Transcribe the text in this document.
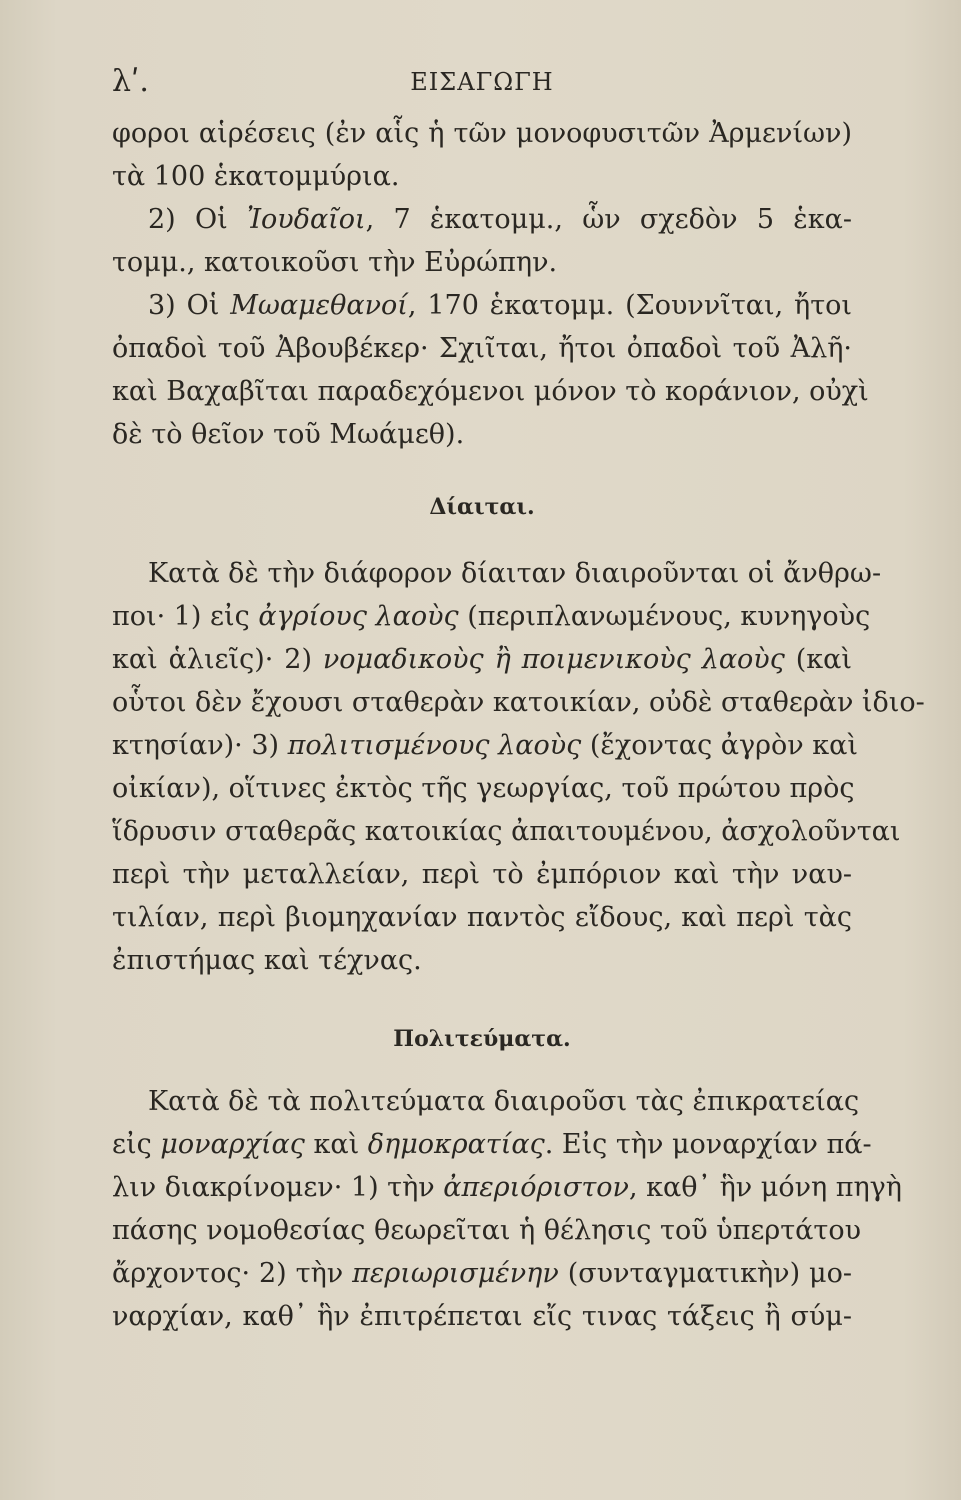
λʹ.	ΕΙΣΑΓΩΓΗ
φοροι αἱρέσεις (ἐν αἷς ἡ τῶν μονοφυσιτῶν Ἀρμενίων)
τὰ 100 ἑκατομμύρια.
2) Οἱ Ἰουδαῖοι, 7 ἑκατομμ., ὧν σχεδὸν 5 ἑκα-
τομμ., κατοικοῦσι τὴν Εὐρώπην.
3) Οἱ Μωαμεθανοί, 170 ἑκατομμ. (Σουννῖται, ἤτοι
ὀπαδοὶ τοῦ Ἀβουβέκερ· Σχιῖται, ἤτοι ὀπαδοὶ τοῦ Ἀλῆ·
καὶ Βαχαβῖται παραδεχόμενοι μόνον τὸ κοράνιον, οὐχὶ
δὲ τὸ θεῖον τοῦ Μωάμεθ).
Δίαιται.
Κατὰ δὲ τὴν διάφορον δίαιταν διαιροῦνται οἱ ἄνθρω-
ποι· 1) εἰς ἀγρίους λαοὺς (περιπλανωμένους, κυνηγοὺς
καὶ ἁλιεῖς)· 2) νομαδικοὺς ἢ ποιμενικοὺς λαοὺς (καὶ
οὗτοι δὲν ἔχουσι σταθερὰν κατοικίαν, οὐδὲ σταθερὰν ἰδιο-
κτησίαν)· 3) πολιτισμένους λαοὺς (ἔχοντας ἀγρὸν καὶ
οἰκίαν), οἵτινες ἐκτὸς τῆς γεωργίας, τοῦ πρώτου πρὸς
ἵδρυσιν σταθερᾶς κατοικίας ἀπαιτουμένου, ἀσχολοῦνται
περὶ τὴν μεταλλείαν, περὶ τὸ ἐμπόριον καὶ τὴν ναυ-
τιλίαν, περὶ βιομηχανίαν παντὸς εἴδους, καὶ περὶ τὰς
ἐπιστήμας καὶ τέχνας.
Πολιτεύματα.
Κατὰ δὲ τὰ πολιτεύματα διαιροῦσι τὰς ἐπικρατείας
εἰς μοναρχίας καὶ δημοκρατίας. Εἰς τὴν μοναρχίαν πά-
λιν διακρίνομεν· 1) τὴν ἀπεριόριστον, καθ᾽ ἣν μόνη πηγὴ
πάσης νομοθεσίας θεωρεῖται ἡ θέλησις τοῦ ὑπερτάτου
ἄρχοντος· 2) τὴν περιωρισμένην (συνταγματικὴν) μο-
ναρχίαν, καθ᾽ ἣν ἐπιτρέπεται εἴς τινας τάξεις ἢ σύμ-
